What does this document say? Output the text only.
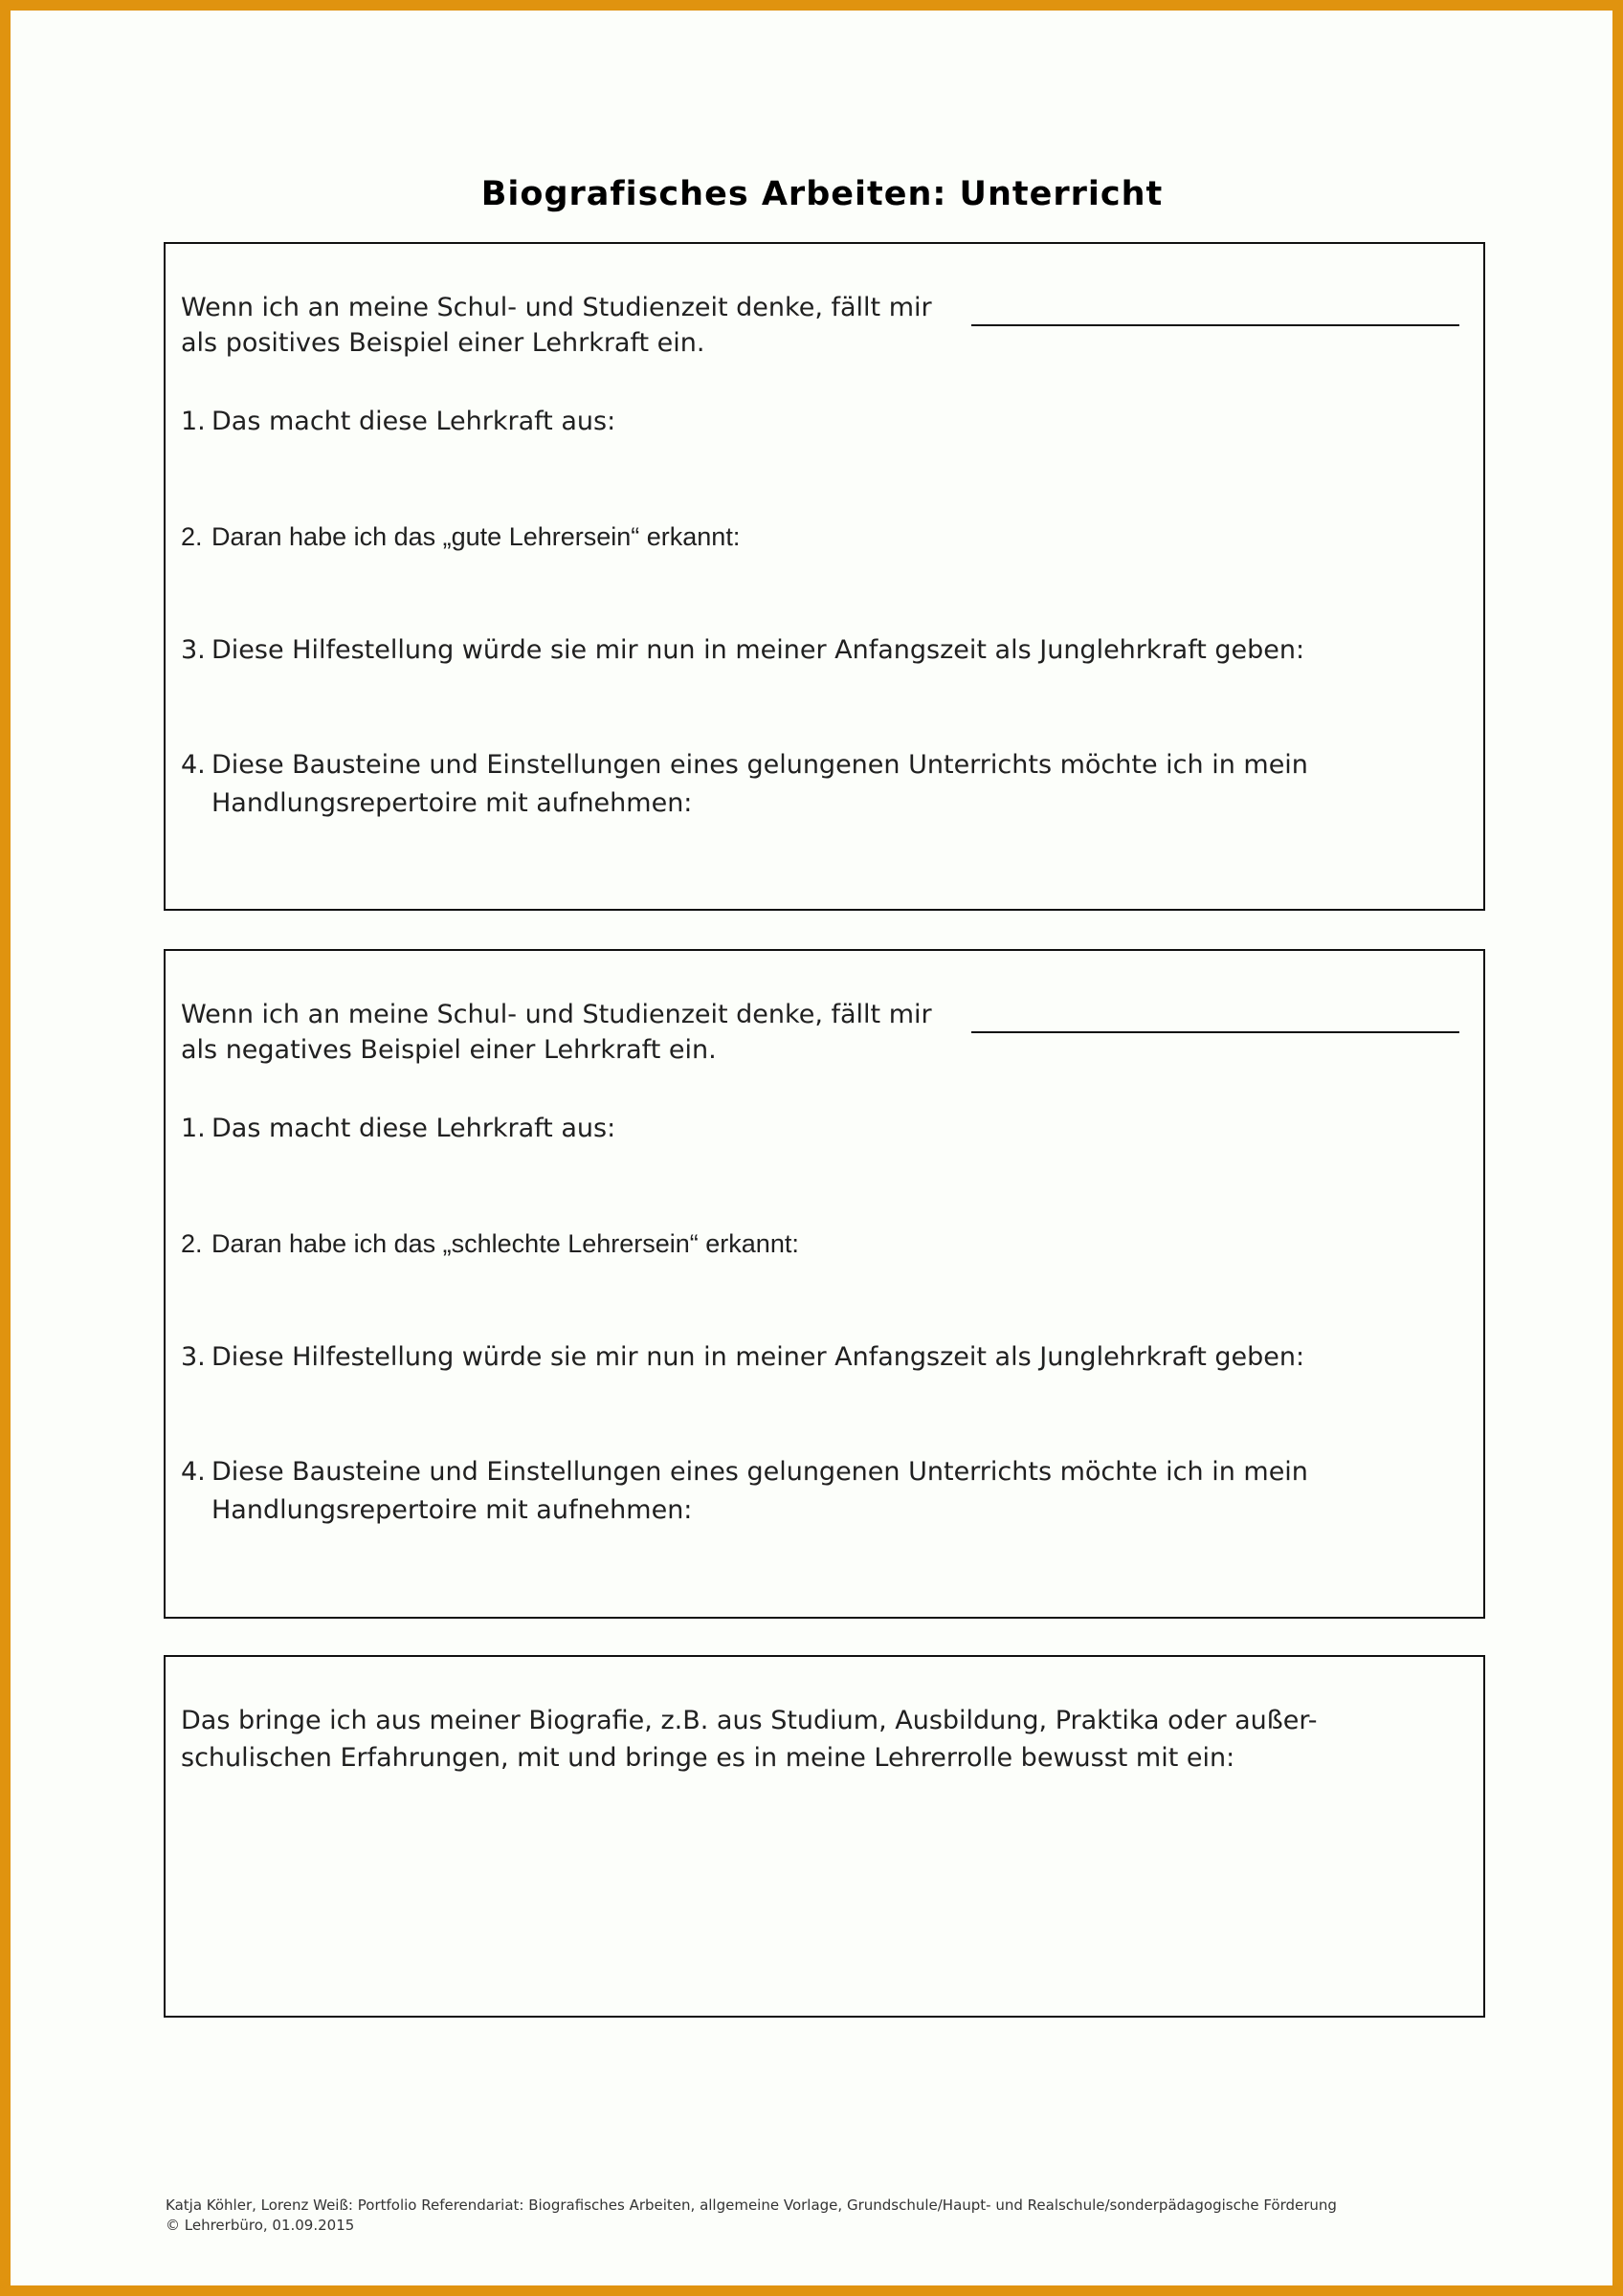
Biografisches Arbeiten: Unterricht

Wenn ich an meine Schul- und Studienzeit denke, fällt mir

als positives Beispiel einer Lehrkraft ein.

1. Das macht diese Lehrkraft aus:

2. Daran habe ich das „gute Lehrersein“ erkannt:

3. Diese Hilfestellung würde sie mir nun in meiner Anfangszeit als Junglehrkraft geben:

4. Diese Bausteine und Einstellungen eines gelungenen Unterrichts möchte ich in mein
Handlungsrepertoire mit aufnehmen:

Wenn ich an meine Schul- und Studienzeit denke, fällt mir

als negatives Beispiel einer Lehrkraft ein.

1. Das macht diese Lehrkraft aus:

2. Daran habe ich das „schlechte Lehrersein“ erkannt:

3. Diese Hilfestellung würde sie mir nun in meiner Anfangszeit als Junglehrkraft geben:

4. Diese Bausteine und Einstellungen eines gelungenen Unterrichts möchte ich in mein
Handlungsrepertoire mit aufnehmen:

Das bringe ich aus meiner Biografie, z.B. aus Studium, Ausbildung, Praktika oder außer-

schulischen Erfahrungen, mit und bringe es in meine Lehrerrolle bewusst mit ein:

Katja Köhler, Lorenz Weiß: Portfolio Referendariat: Biografisches Arbeiten, allgemeine Vorlage, Grundschule/Haupt- und Realschule/sonderpädagogische Förderung
© Lehrerbüro, 01.09.2015
